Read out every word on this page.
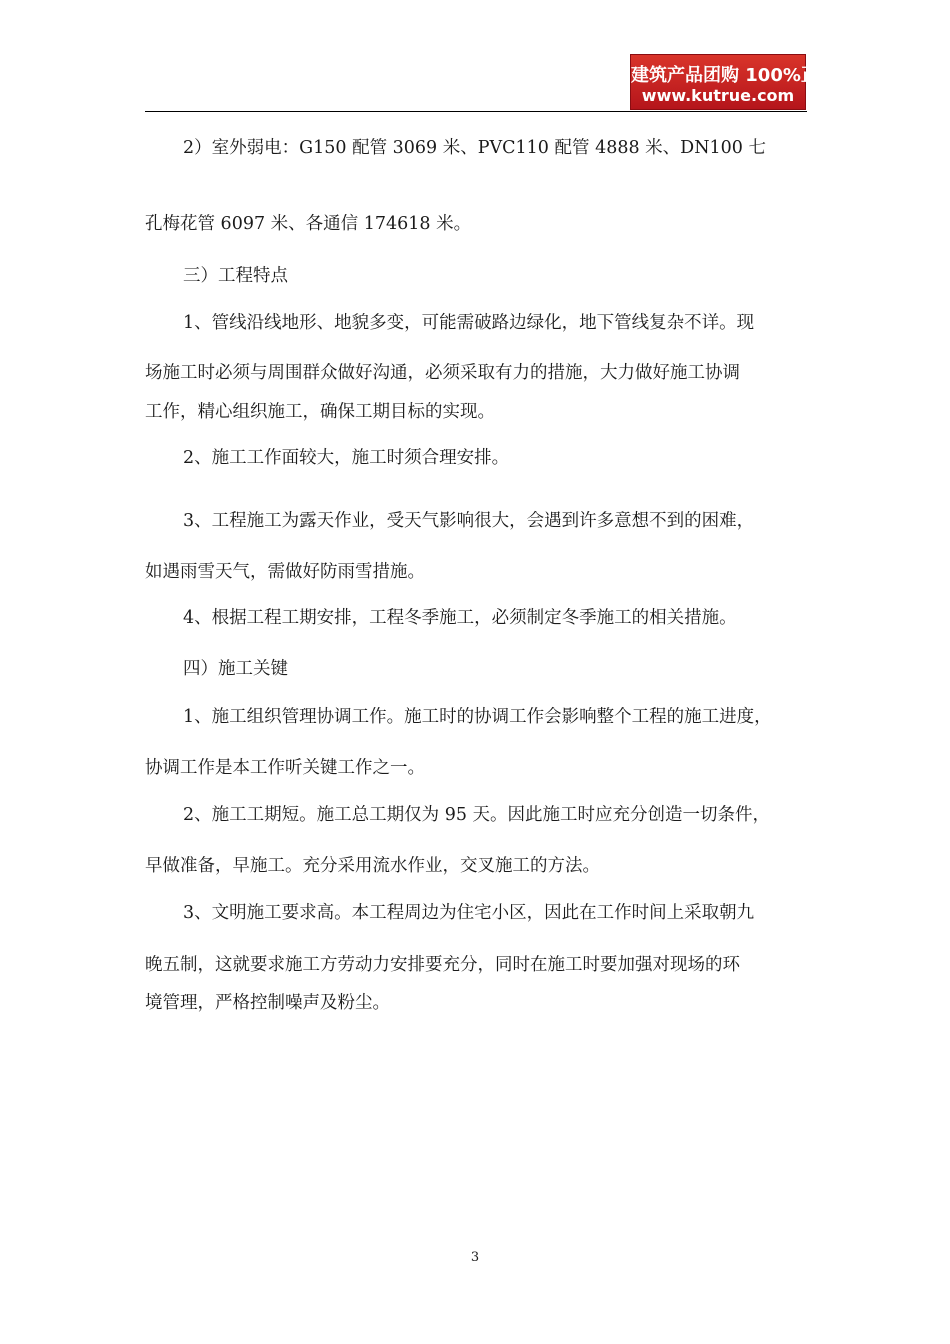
建筑产品团购 100%正品
www.kutrue.com
2）室外弱电：G150 配管 3069 米、PVC110 配管 4888 米、DN100 七
孔梅花管 6097 米、各通信 174618 米。
三）工程特点
1、管线沿线地形、地貌多变，可能需破路边绿化，地下管线复杂不详。现
场施工时必须与周围群众做好沟通，必须采取有力的措施，大力做好施工协调
工作，精心组织施工，确保工期目标的实现。
2、施工工作面较大，施工时须合理安排。
3、工程施工为露天作业，受天气影响很大，会遇到许多意想不到的困难，
如遇雨雪天气，需做好防雨雪措施。
4、根据工程工期安排，工程冬季施工，必须制定冬季施工的相关措施。
四）施工关键
1、施工组织管理协调工作。施工时的协调工作会影响整个工程的施工进度，
协调工作是本工作听关键工作之一。
2、施工工期短。施工总工期仅为 95 天。因此施工时应充分创造一切条件，
早做准备，早施工。充分采用流水作业，交叉施工的方法。
3、文明施工要求高。本工程周边为住宅小区，因此在工作时间上采取朝九
晚五制，这就要求施工方劳动力安排要充分，同时在施工时要加强对现场的环
境管理，严格控制噪声及粉尘。
3
